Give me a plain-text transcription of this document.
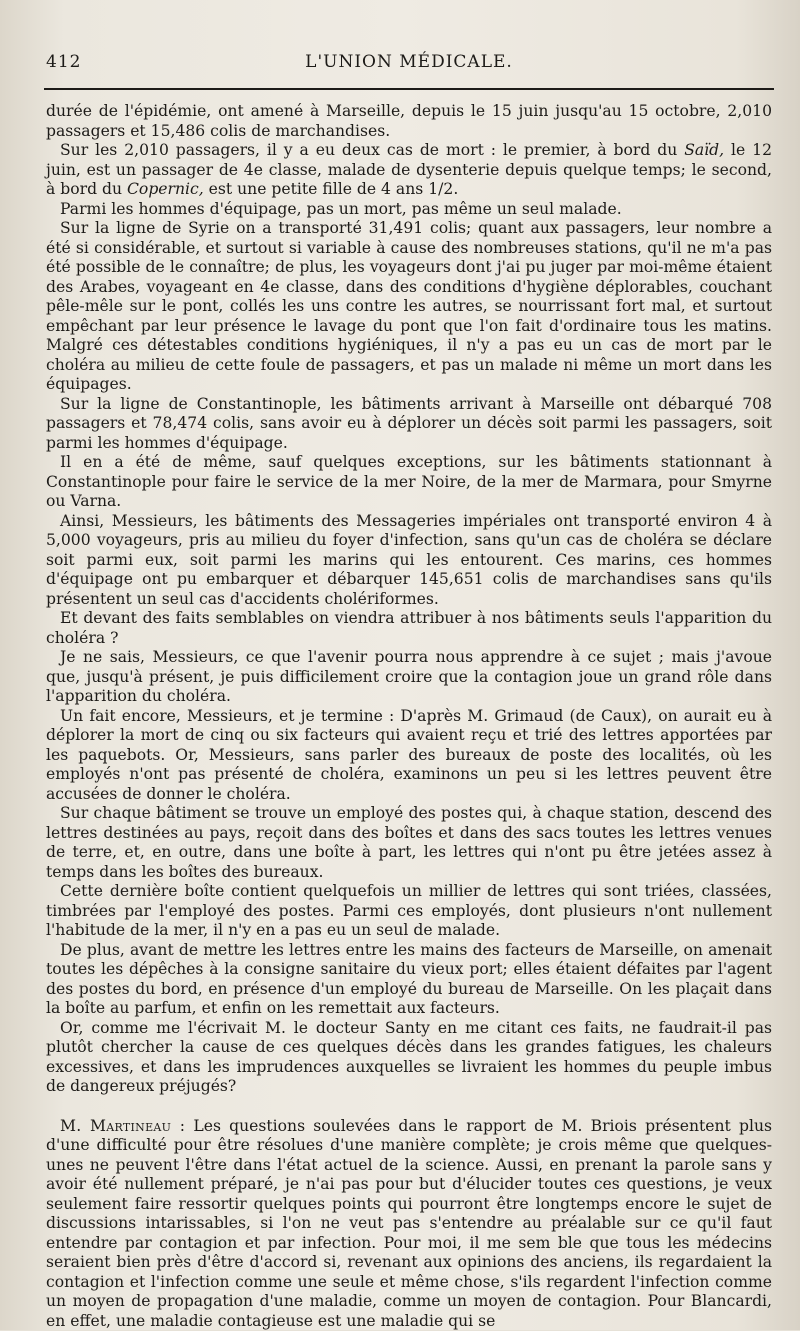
412	L'UNION MÉDICALE.

durée de l'épidémie, ont amené à Marseille, depuis le 15 juin jusqu'au 15 octobre, 2,010 passagers et 15,486 colis de marchandises.

Sur les 2,010 passagers, il y a eu deux cas de mort : le premier, à bord du Saïd, le 12 juin, est un passager de 4e classe, malade de dysenterie depuis quelque temps; le second, à bord du Copernic, est une petite fille de 4 ans 1/2.

Parmi les hommes d'équipage, pas un mort, pas même un seul malade.

Sur la ligne de Syrie on a transporté 31,491 colis; quant aux passagers, leur nombre a été si considérable, et surtout si variable à cause des nombreuses stations, qu'il ne m'a pas été possible de le connaître; de plus, les voyageurs dont j'ai pu juger par moi-même étaient des Arabes, voyageant en 4e classe, dans des conditions d'hygiène déplorables, couchant pêle-mêle sur le pont, collés les uns contre les autres, se nourrissant fort mal, et surtout empêchant par leur présence le lavage du pont que l'on fait d'ordinaire tous les matins. Malgré ces détestables conditions hygiéniques, il n'y a pas eu un cas de mort par le choléra au milieu de cette foule de passagers, et pas un malade ni même un mort dans les équipages.

Sur la ligne de Constantinople, les bâtiments arrivant à Marseille ont débarqué 708 passagers et 78,474 colis, sans avoir eu à déplorer un décès soit parmi les passagers, soit parmi les hommes d'équipage.

Il en a été de même, sauf quelques exceptions, sur les bâtiments stationnant à Constantinople pour faire le service de la mer Noire, de la mer de Marmara, pour Smyrne ou Varna.

Ainsi, Messieurs, les bâtiments des Messageries impériales ont transporté environ 4 à 5,000 voyageurs, pris au milieu du foyer d'infection, sans qu'un cas de choléra se déclare soit parmi eux, soit parmi les marins qui les entourent. Ces marins, ces hommes d'équipage ont pu embarquer et débarquer 145,651 colis de marchandises sans qu'ils présentent un seul cas d'accidents cholériformes.

Et devant des faits semblables on viendra attribuer à nos bâtiments seuls l'apparition du choléra ?

Je ne sais, Messieurs, ce que l'avenir pourra nous apprendre à ce sujet ; mais j'avoue que, jusqu'à présent, je puis difficilement croire que la contagion joue un grand rôle dans l'apparition du choléra.

Un fait encore, Messieurs, et je termine : D'après M. Grimaud (de Caux), on aurait eu à déplorer la mort de cinq ou six facteurs qui avaient reçu et trié des lettres apportées par les paquebots. Or, Messieurs, sans parler des bureaux de poste des localités, où les employés n'ont pas présenté de choléra, examinons un peu si les lettres peuvent être accusées de donner le choléra.

Sur chaque bâtiment se trouve un employé des postes qui, à chaque station, descend des lettres destinées au pays, reçoit dans des boîtes et dans des sacs toutes les lettres venues de terre, et, en outre, dans une boîte à part, les lettres qui n'ont pu être jetées assez à temps dans les boîtes des bureaux.

Cette dernière boîte contient quelquefois un millier de lettres qui sont triées, classées, timbrées par l'employé des postes. Parmi ces employés, dont plusieurs n'ont nullement l'habitude de la mer, il n'y en a pas eu un seul de malade.

De plus, avant de mettre les lettres entre les mains des facteurs de Marseille, on amenait toutes les dépêches à la consigne sanitaire du vieux port; elles étaient défaites par l'agent des postes du bord, en présence d'un employé du bureau de Marseille. On les plaçait dans la boîte au parfum, et enfin on les remettait aux facteurs.

Or, comme me l'écrivait M. le docteur Santy en me citant ces faits, ne faudrait-il pas plutôt chercher la cause de ces quelques décès dans les grandes fatigues, les chaleurs excessives, et dans les imprudences auxquelles se livraient les hommes du peuple imbus de dangereux préjugés?

M. Martineau : Les questions soulevées dans le rapport de M. Briois présentent plus d'une difficulté pour être résolues d'une manière complète; je crois même que quelques-unes ne peuvent l'être dans l'état actuel de la science. Aussi, en prenant la parole sans y avoir été nullement préparé, je n'ai pas pour but d'élucider toutes ces questions, je veux seulement faire ressortir quelques points qui pourront être longtemps encore le sujet de discussions intarissables, si l'on ne veut pas s'entendre au préalable sur ce qu'il faut entendre par contagion et par infection. Pour moi, il me sem ble que tous les médecins seraient bien près d'être d'accord si, revenant aux opinions des anciens, ils regardaient la contagion et l'infection comme une seule et même chose, s'ils regardent l'infection comme un moyen de propagation d'une maladie, comme un moyen de contagion. Pour Blancardi, en effet, une maladie contagieuse est une maladie qui se
